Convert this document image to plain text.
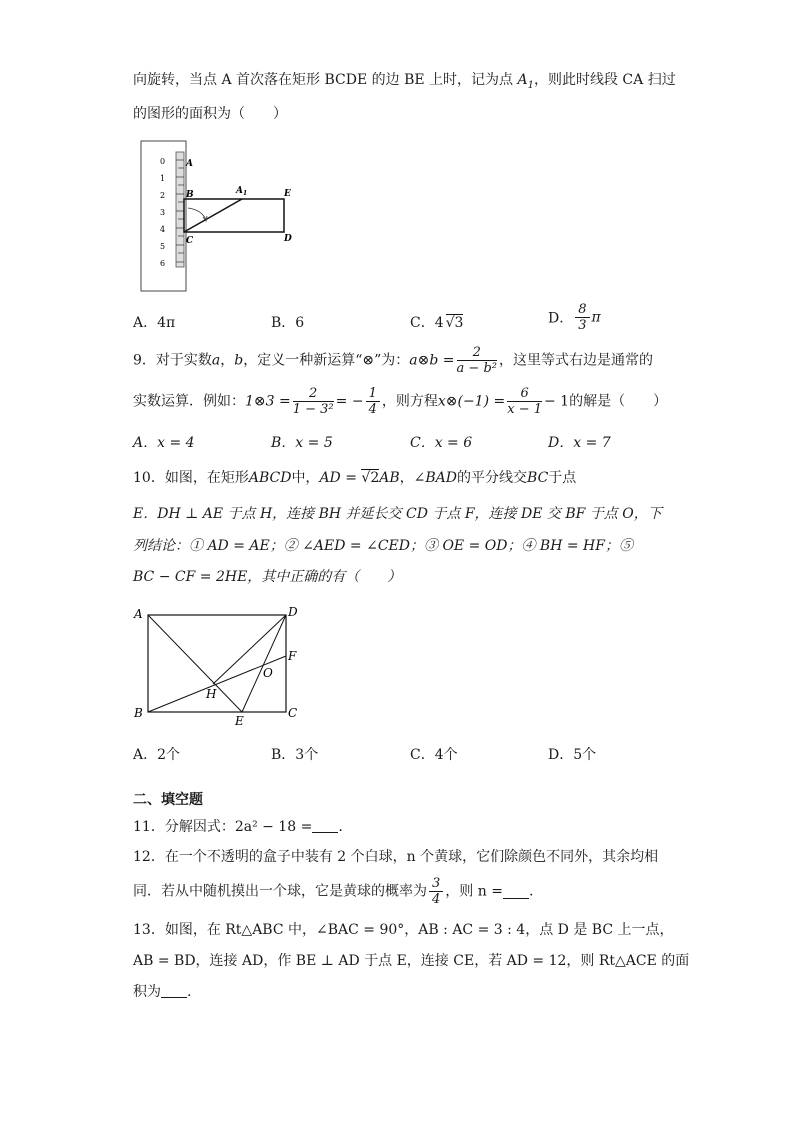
向旋转，当点 A 首次落在矩形 BCDE 的边 BE 上时，记为点 $A_1$，则此时线段 CA 扫过
的图形的面积为（　　）
0
1
2
3
4
5
6
A
B
C	D
E
$A_1$
A．4π	B．6	C．4 √3	D． $\frac{8}{3}$ π
9．对于实数a，b，定义一种新运算“⊗”为：a⊗b = $\frac{2}{\text{a − b²}}$ ，这里等式右边是通常的
实数运算．例如：1⊗3 = $\frac{2}{\text{1 − 3²}}$ = − $\frac{1}{4}$ ，则方程x⊗(−1) = $\frac{6}{x - 1} - 1$的解是（　　）
A．x = 4	B．x = 5	C．x = 6	D．x = 7
10．如图，在矩形ABCD中，AD = √2AB，∠BAD的平分线交BC于点
E．DH ⊥ AE 于点 H，连接 BH 并延长交 CD 于点 F，连接 DE 交 BF 于点 O，下
列结论：① AD = AE；② ∠AED = ∠CED；③ OE = OD；④ BH = HF；⑤
BC − CF = 2HE，其中正确的有（　　）
A	D
B	C
E
F
H
O
A．2个	B．3个	C．4个	D．5个
二、填空题
11．分解因式：2a² − 18 = .
12．在一个不透明的盒子中装有 2 个白球，n 个黄球，它们除颜色不同外，其余均相
同．若从中随机摸出一个球，它是黄球的概率为 $\frac{3}{4}$ ，则 n = .
13．如图，在 Rt△ABC 中，∠BAC = 90°，AB : AC = 3 : 4，点 D 是 BC 上一点，
AB = BD，连接 AD，作 BE ⊥ AD 于点 E，连接 CE，若 AD = 12，则 Rt△ACE 的面
积为 .
